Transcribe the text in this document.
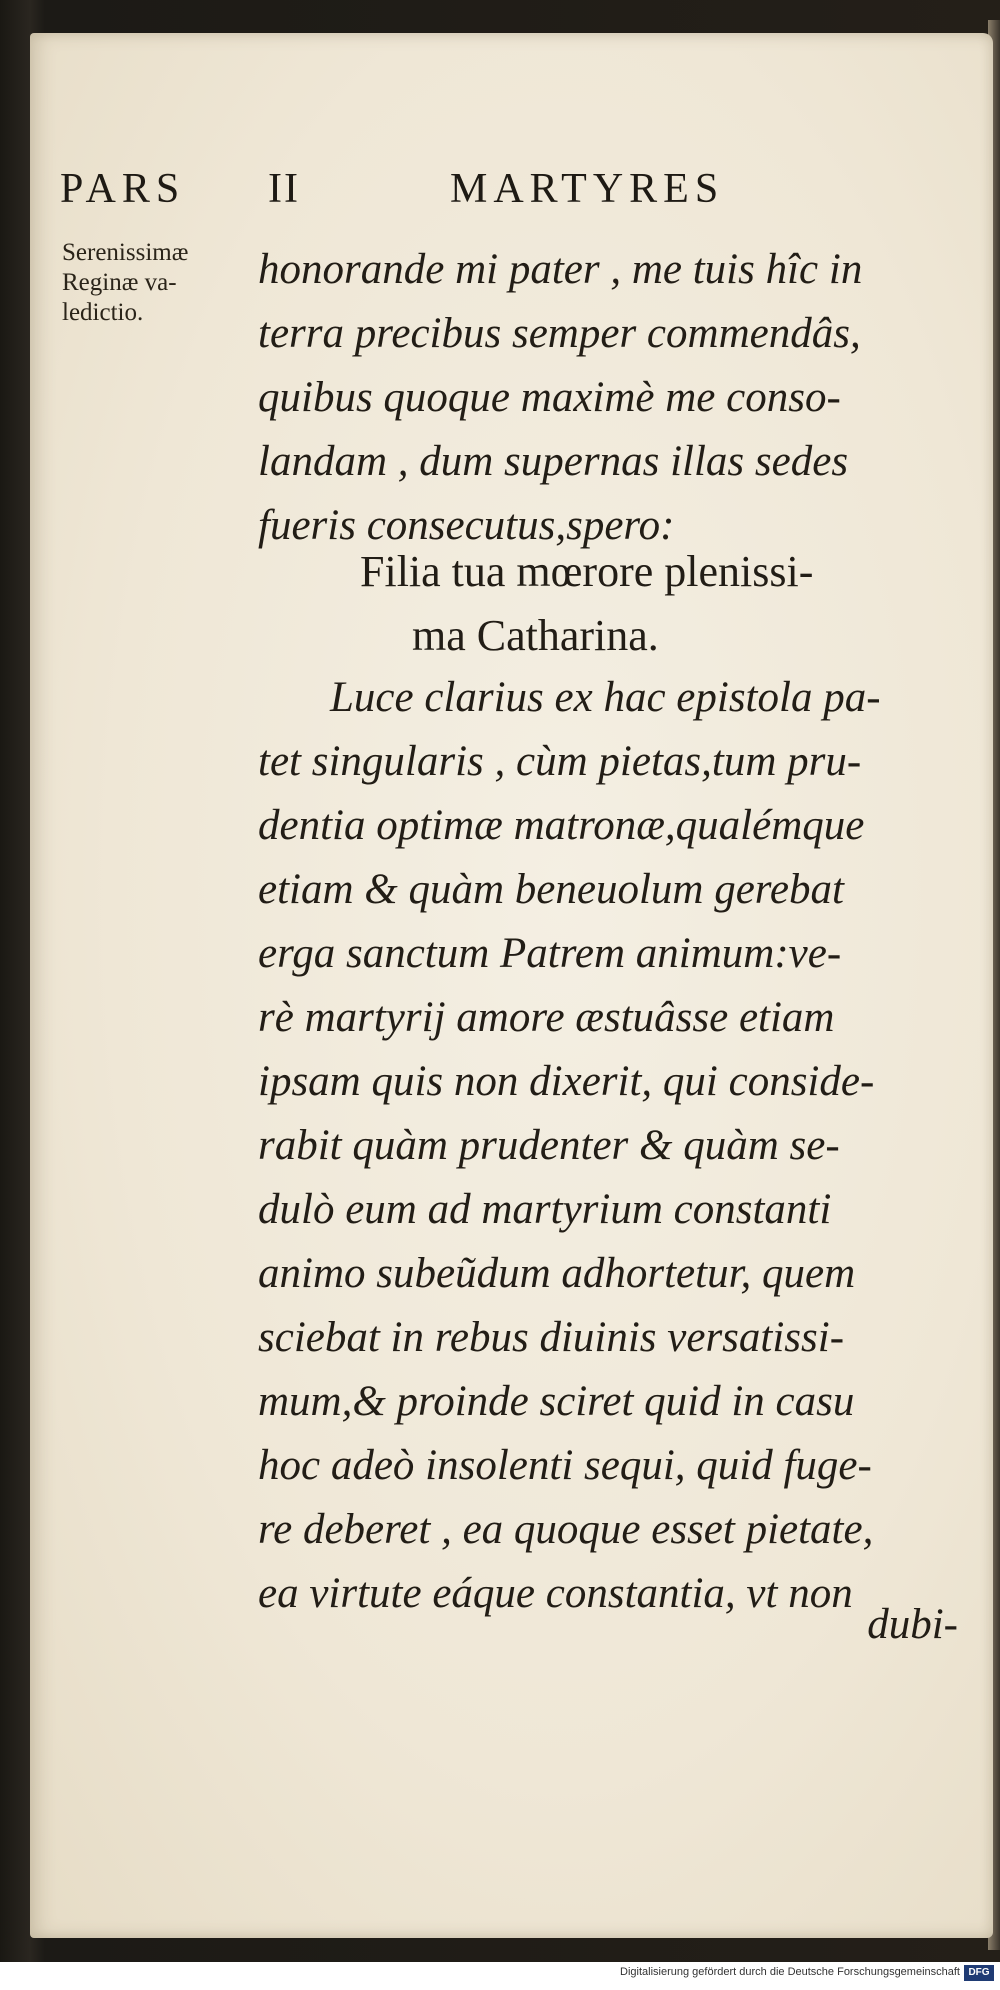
PARS II	MARTYRES
Serenissimæ
Reginæ va-
ledictio.
honorande mi pater , me tuis hîc in
terra precibus semper commendâs,
quibus quoque maximè me conso-
landam , dum supernas illas sedes
fueris consecutus,spero:
Filia tua mœrore plenissi-
ma Catharina.
Luce clarius ex hac epistola pa-
tet singularis , cùm pietas,tum pru-
dentia optimæ matronæ,qualémque
etiam & quàm beneuolum gerebat
erga sanctum Patrem animum:ve-
rè martyrij amore æstuâsse etiam
ipsam quis non dixerit, qui conside-
rabit quàm prudenter & quàm se-
dulò eum ad martyrium constanti
animo subeũdum adhortetur, quem
sciebat in rebus diuinis versatissi-
mum,& proinde sciret quid in casu
hoc adeò insolenti sequi, quid fuge-
re deberet , ea quoque esset pietate,
ea virtute eáque constantia, vt non
dubi-
Digitalisierung gefördert durch die Deutsche Forschungsgemeinschaft DFG
